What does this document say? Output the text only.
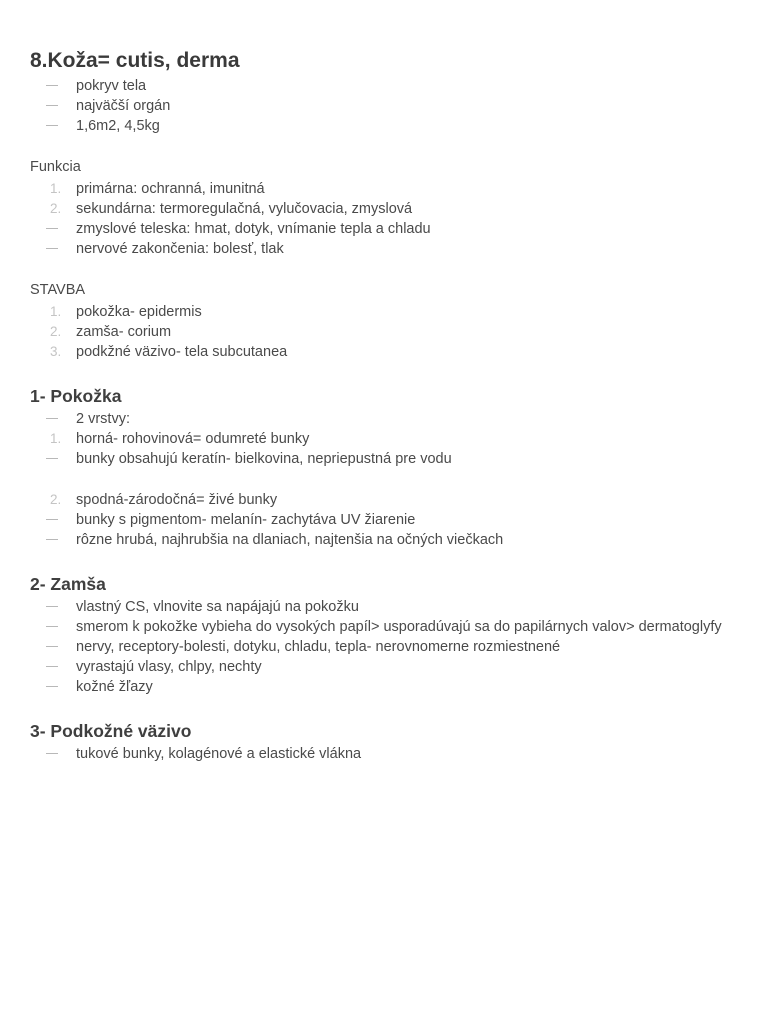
8.Koža= cutis, derma
pokryv tela
najväčší orgán
1,6m2, 4,5kg
Funkcia
1.	primárna: ochranná, imunitná
2.	sekundárna: termoregulačná, vylučovacia, zmyslová
zmyslové teleska: hmat, dotyk, vnímanie tepla a chladu
nervové zakončenia: bolesť, tlak
STAVBA
1.	pokožka- epidermis
2.	zamša- corium
3.	podkžné väzivo- tela subcutanea
1- Pokožka
2 vrstvy:
1.	horná- rohovinová= odumreté bunky
bunky obsahujú keratín- bielkovina, nepriepustná pre vodu
2.	spodná-zárodočná= živé bunky
bunky s pigmentom- melanín- zachytáva UV žiarenie
rôzne hrubá, najhrubšia na dlaniach, najtenšia na očných viečkach
2- Zamša
vlastný CS, vlnovite sa napájajú na pokožku
smerom k pokožke vybieha do vysokých papíl> usporadúvajú sa do papilárnych valov> dermatoglyfy
nervy, receptory-bolesti, dotyku, chladu, tepla- nerovnomerne rozmiestnené
vyrastajú vlasy, chlpy, nechty
kožné žľazy
3- Podkožné väzivo
tukové bunky, kolagénové a elastické vlákna
